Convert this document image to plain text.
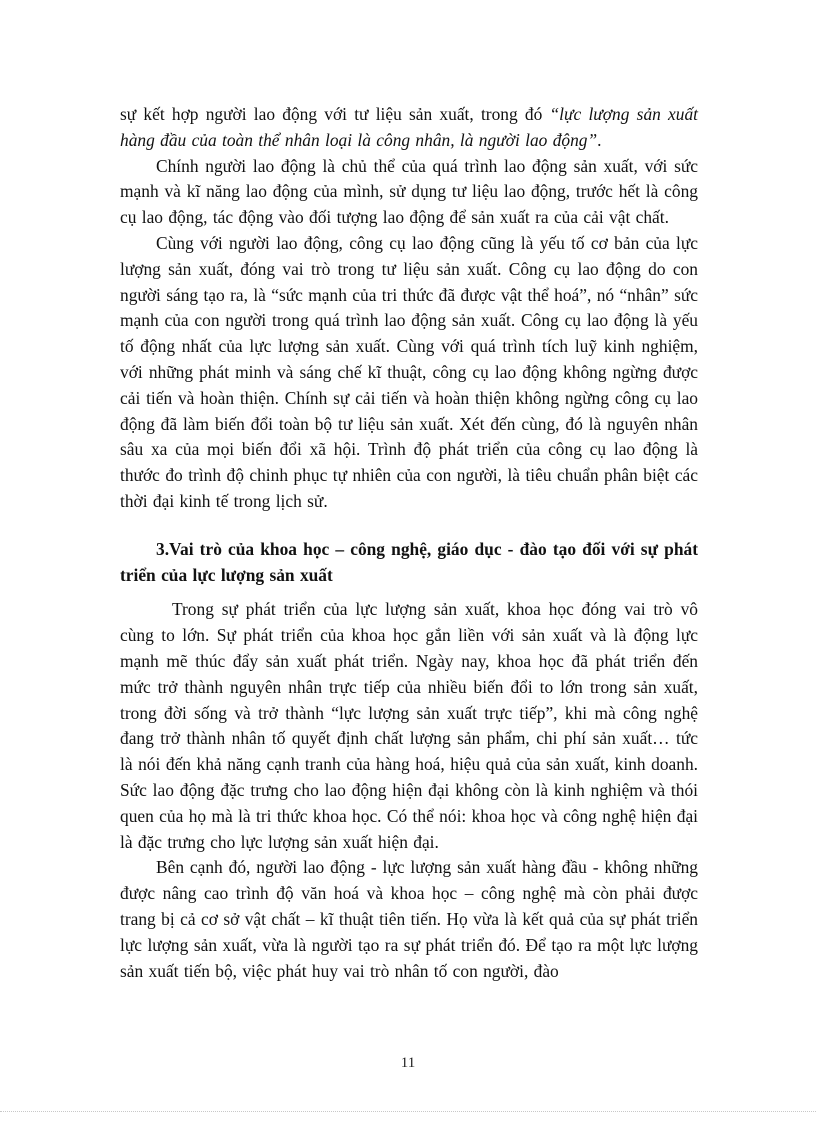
sự kết hợp người lao động với tư liệu sản xuất, trong đó “lực lượng sản xuất hàng đầu của toàn thể nhân loại là công nhân, là người lao động”.

Chính người lao động là chủ thể của quá trình lao động sản xuất, với sức mạnh và kĩ năng lao động của mình, sử dụng tư liệu lao động, trước hết là công cụ lao động, tác động vào đối tượng lao động để sản xuất ra của cải vật chất.

Cùng với người lao động, công cụ lao động cũng là yếu tố cơ bản của lực lượng sản xuất, đóng vai trò trong tư liệu sản xuất. Công cụ lao động do con người sáng tạo ra, là “sức mạnh của tri thức đã được vật thể hoá”, nó “nhân” sức mạnh của con người trong quá trình lao động sản xuất. Công cụ lao động là yếu tố động nhất của lực lượng sản xuất. Cùng với quá trình tích luỹ kinh nghiệm, với những phát minh và sáng chế kĩ thuật, công cụ lao động không ngừng được cải tiến và hoàn thiện. Chính sự cải tiến và hoàn thiện không ngừng công cụ lao động đã làm biến đổi toàn bộ tư liệu sản xuất. Xét đến cùng, đó là nguyên nhân sâu xa của mọi biến đổi xã hội. Trình độ phát triển của công cụ lao động là thước đo trình độ chinh phục tự nhiên của con người, là tiêu chuẩn phân biệt các thời đại kinh tế trong lịch sử.

3.Vai trò của khoa học – công nghệ, giáo dục - đào tạo đối với sự phát triển của lực lượng sản xuất

Trong sự phát triển của lực lượng sản xuất, khoa học đóng vai trò vô cùng to lớn. Sự phát triển của khoa học gắn liền với sản xuất và là động lực mạnh mẽ thúc đẩy sản xuất phát triển. Ngày nay, khoa học đã phát triển đến mức trở thành nguyên nhân trực tiếp của nhiều biến đổi to lớn trong sản xuất, trong đời sống và trở thành “lực lượng sản xuất trực tiếp”, khi mà công nghệ đang trở thành nhân tố quyết định chất lượng sản phẩm, chi phí sản xuất… tức là nói đến khả năng cạnh tranh của hàng hoá, hiệu quả của sản xuất, kinh doanh. Sức lao động đặc trưng cho lao động hiện đại không còn là kinh nghiệm và thói quen của họ mà là tri thức khoa học. Có thể nói: khoa học và công nghệ hiện đại là đặc trưng cho lực lượng sản xuất hiện đại.

Bên cạnh đó, người lao động - lực lượng sản xuất hàng đầu - không những được nâng cao trình độ văn hoá và khoa học – công nghệ mà còn phải được trang bị cả cơ sở vật chất – kĩ thuật tiên tiến. Họ vừa là kết quả của sự phát triển lực lượng sản xuất, vừa là người tạo ra sự phát triển đó. Để tạo ra một lực lượng sản xuất tiến bộ, việc phát huy vai trò nhân tố con người, đào

11
